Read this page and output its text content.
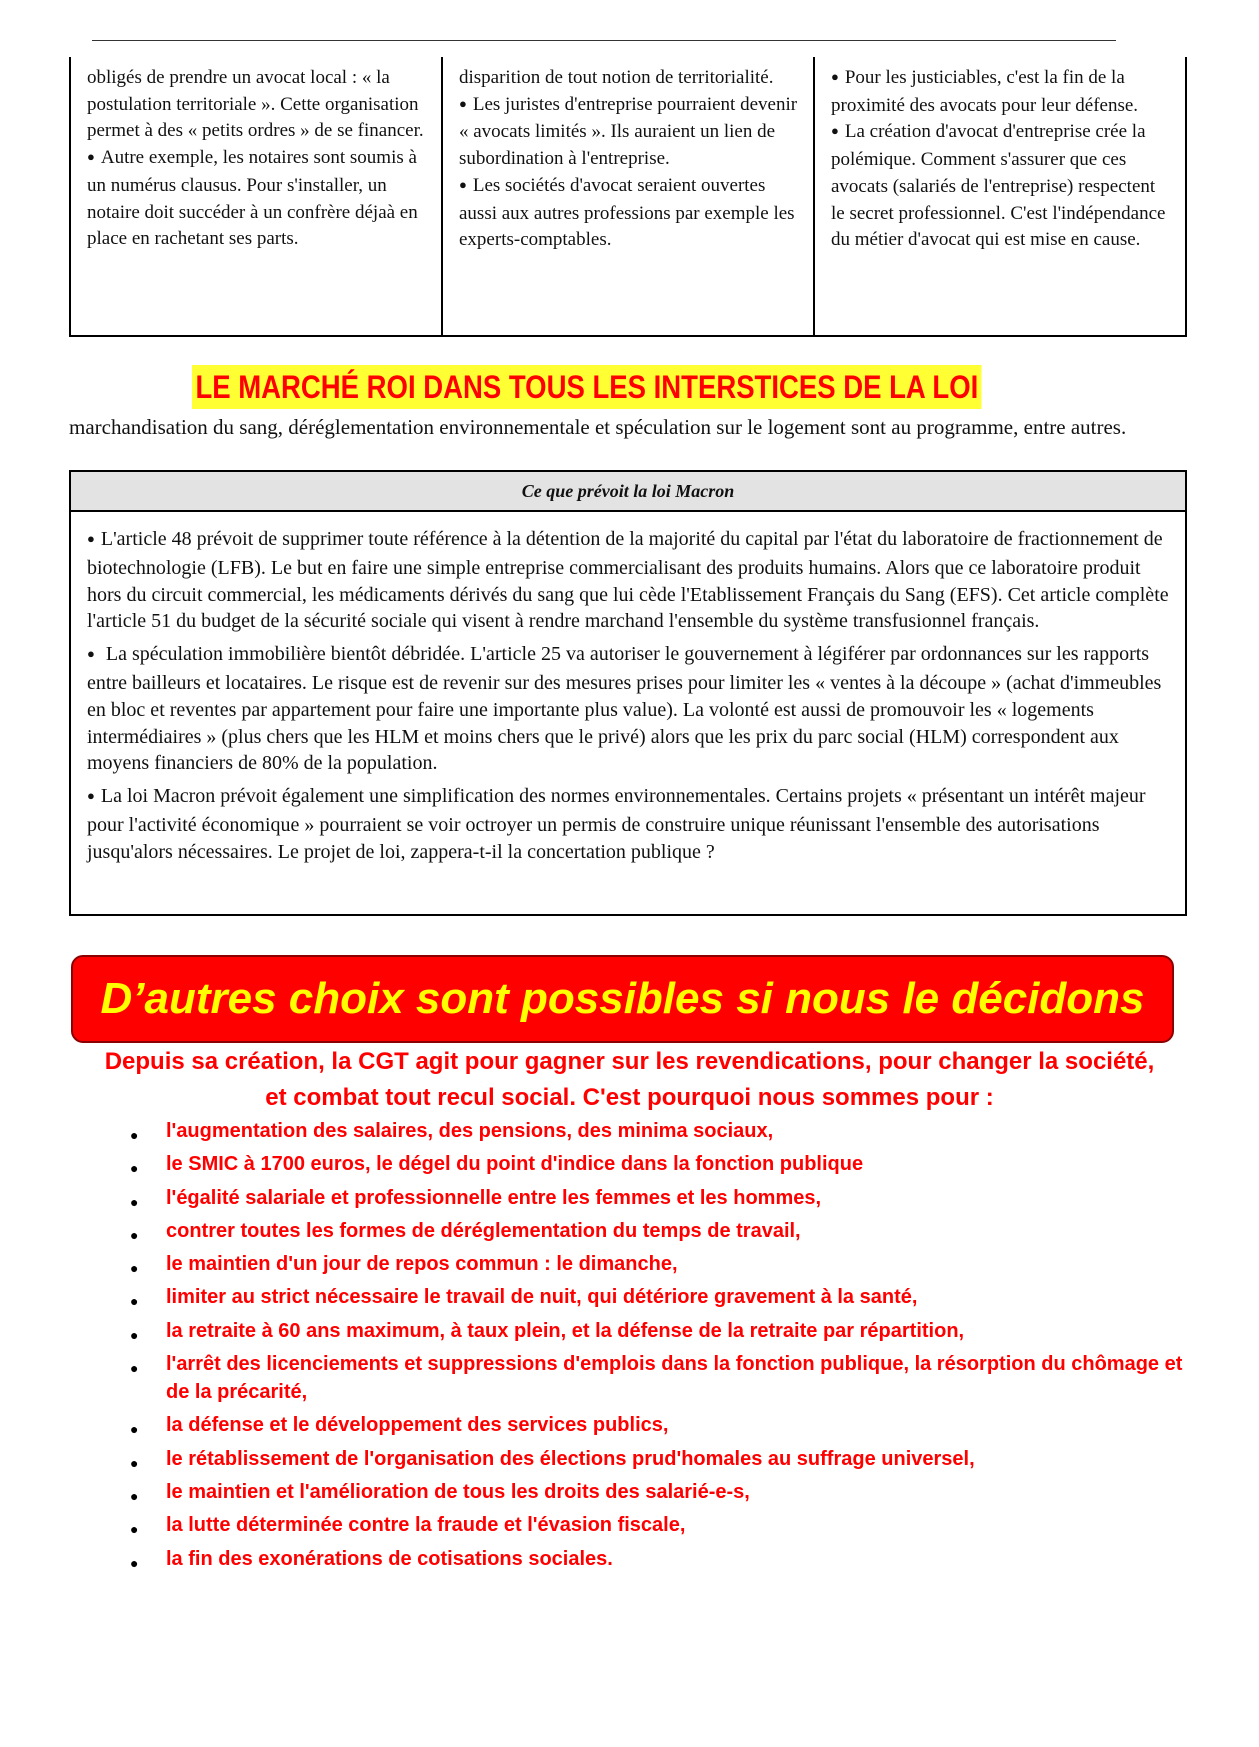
obligés de prendre un avocat local : « la postulation territoriale ». Cette organisation permet à des « petits ordres » de se financer.

● Autre exemple, les notaires sont soumis à un numérus clausus. Pour s'installer, un notaire doit succéder à un confrère déjaà en place en rachetant ses parts.

disparition de tout notion de territorialité.

● Les juristes d'entreprise pourraient devenir « avocats limités ». Ils auraient un lien de subordination à l'entreprise.

● Les sociétés d'avocat seraient ouvertes aussi aux autres professions par exemple les experts-comptables.

● Pour les justiciables, c'est la fin de la proximité des avocats pour leur défense.

● La création d'avocat d'entreprise crée la polémique. Comment s'assurer que ces avocats (salariés de l'entreprise) respectent le secret professionnel. C'est l'indépendance du métier d'avocat qui est mise en cause.

LE MARCHÉ ROI DANS TOUS LES INTERSTICES DE LA LOI

marchandisation du sang, déréglementation environnementale et spéculation sur le logement sont au programme, entre autres.

Ce que prévoit la loi Macron

● L'article 48 prévoit de supprimer toute référence à la détention de la majorité du capital par l'état du laboratoire de fractionnement de biotechnologie (LFB). Le but en faire une simple entreprise commercialisant des produits humains. Alors que ce laboratoire produit hors du circuit commercial, les médicaments dérivés du sang que lui cède l'Etablissement Français du Sang (EFS). Cet article complète l'article 51 du budget de la sécurité sociale qui visent à rendre marchand l'ensemble du système transfusionnel français.

● La spéculation immobilière bientôt débridée. L'article 25 va autoriser le gouvernement à légiférer par ordonnances sur les rapports entre bailleurs et locataires. Le risque est de revenir sur des mesures prises pour limiter les « ventes à la découpe » (achat d'immeubles en bloc et reventes par appartement pour faire une importante plus value). La volonté est aussi de promouvoir les « logements intermédiaires » (plus chers que les HLM et moins chers que le privé) alors que les prix du parc social (HLM) correspondent aux moyens financiers de 80% de la population.

● La loi Macron prévoit également une simplification des normes environnementales. Certains projets « présentant un intérêt majeur pour l'activité économique » pourraient se voir octroyer un permis de construire unique réunissant l'ensemble des autorisations jusqu'alors nécessaires. Le projet de loi, zappera-t-il la concertation publique ?

D’autres choix sont possibles si nous le décidons

Depuis sa création, la CGT agit pour gagner sur les revendications, pour changer la société,
et combat tout recul social. C'est pourquoi nous sommes pour :

● l'augmentation des salaires, des pensions, des minima sociaux,
● le SMIC à 1700 euros, le dégel du point d'indice dans la fonction publique
● l'égalité salariale et professionnelle entre les femmes et les hommes,
● contrer toutes les formes de déréglementation du temps de travail,
● le maintien d'un jour de repos commun : le dimanche,
● limiter au strict nécessaire le travail de nuit, qui détériore gravement à la santé,
● la retraite à 60 ans maximum, à taux plein, et la défense de la retraite par répartition,
● l'arrêt des licenciements et suppressions d'emplois dans la fonction publique, la résorption du chômage et de la précarité,
● la défense et le développement des services publics,
● le rétablissement de l'organisation des élections prud'homales au suffrage universel,
● le maintien et l'amélioration de tous les droits des salarié-e-s,
● la lutte déterminée contre la fraude et l'évasion fiscale,
● la fin des exonérations de cotisations sociales.
